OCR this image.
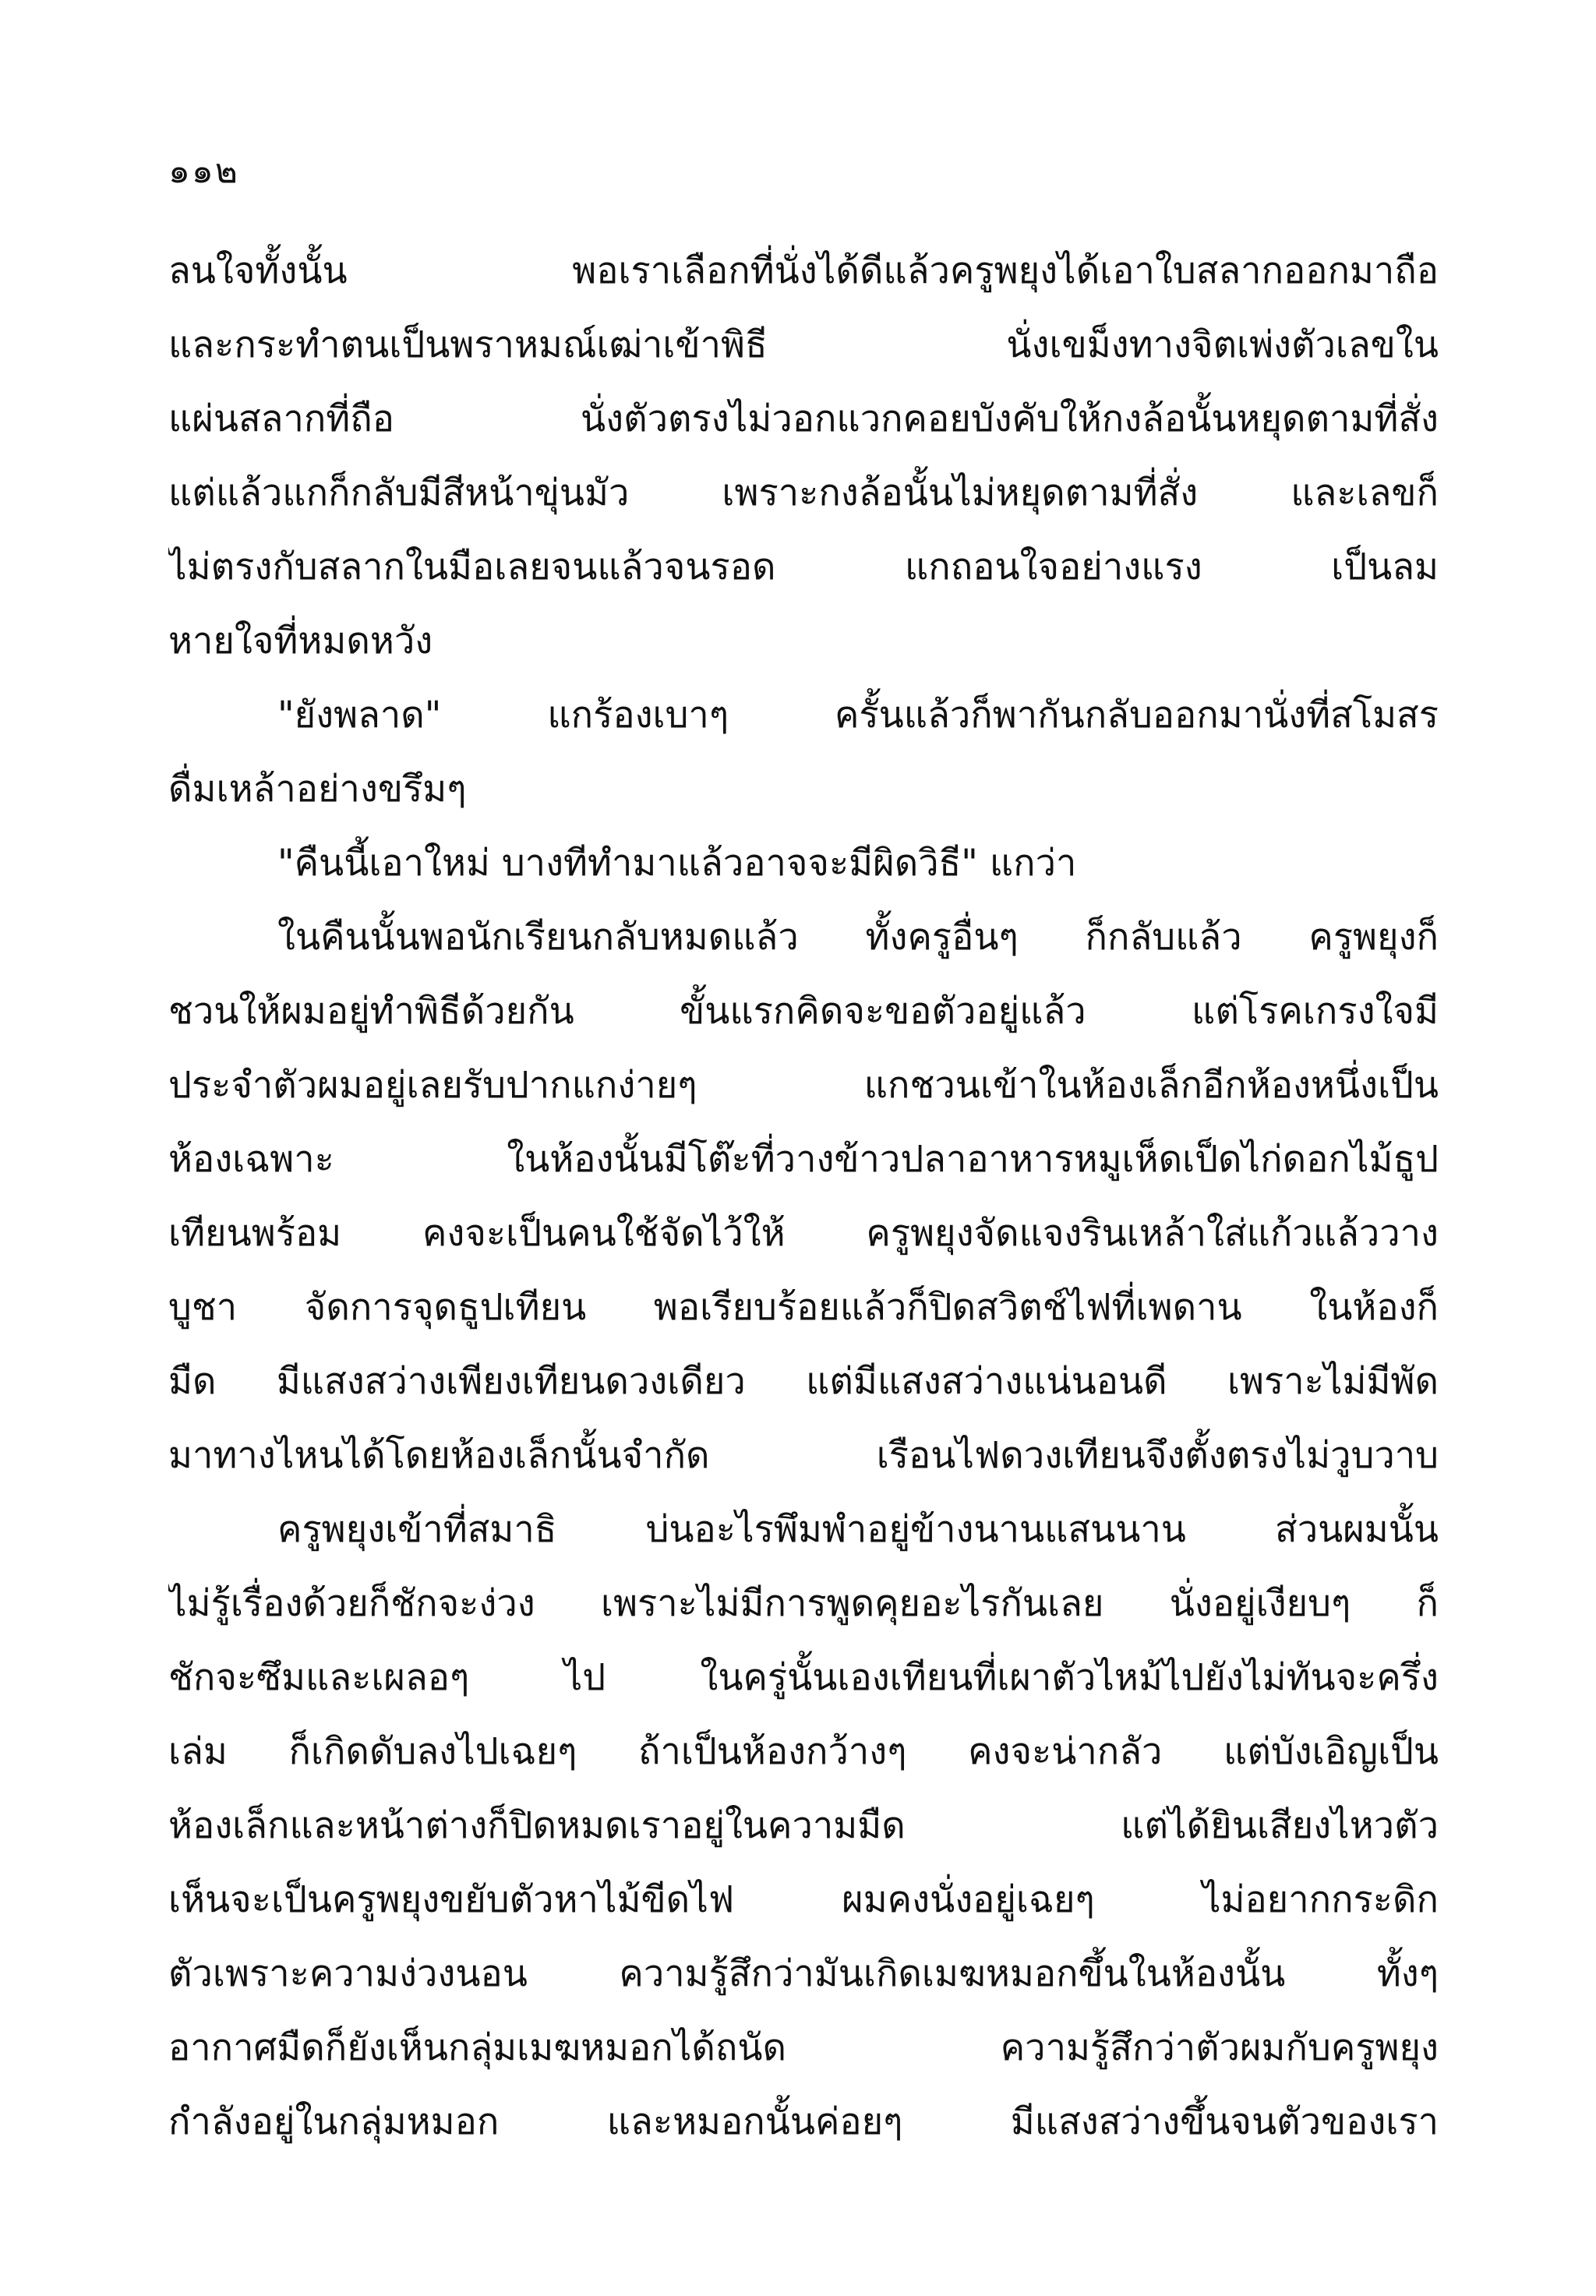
๑๑๒
ลนใจทั้งนั้น พอเราเลือกที่นั่งได้ดีแล้วครูพยุงได้เอาใบสลากออกมาถือ
และกระทำตนเป็นพราหมณ์เฒ่าเข้าพิธี นั่งเขม็งทางจิตเพ่งตัวเลขใน
แผ่นสลากที่ถือ นั่งตัวตรงไม่วอกแวกคอยบังคับให้กงล้อนั้นหยุดตามที่สั่ง
แต่แล้วแกก็กลับมีสีหน้าขุ่นมัว เพราะกงล้อนั้นไม่หยุดตามที่สั่ง และเลขก็
ไม่ตรงกับสลากในมือเลยจนแล้วจนรอด แกถอนใจอย่างแรง เป็นลม
หายใจที่หมดหวัง
"ยังพลาด" แกร้องเบาๆ ครั้นแล้วก็พากันกลับออกมานั่งที่สโมสร
ดื่มเหล้าอย่างขรึมๆ
"คืนนี้เอาใหม่ บางทีทำมาแล้วอาจจะมีผิดวิธี" แกว่า
ในคืนนั้นพอนักเรียนกลับหมดแล้ว ทั้งครูอื่นๆ ก็กลับแล้ว ครูพยุงก็
ชวนให้ผมอยู่ทำพิธีด้วยกัน ขั้นแรกคิดจะขอตัวอยู่แล้ว แต่โรคเกรงใจมี
ประจำตัวผมอยู่เลยรับปากแกง่ายๆ แกชวนเข้าในห้องเล็กอีกห้องหนึ่งเป็น
ห้องเฉพาะ ในห้องนั้นมีโต๊ะที่วางข้าวปลาอาหารหมูเห็ดเป็ดไก่ดอกไม้ธูป
เทียนพร้อม คงจะเป็นคนใช้จัดไว้ให้ ครูพยุงจัดแจงรินเหล้าใส่แก้วแล้ววาง
บูชา จัดการจุดธูปเทียน พอเรียบร้อยแล้วก็ปิดสวิตช์ไฟที่เพดาน ในห้องก็
มืด มีแสงสว่างเพียงเทียนดวงเดียว แต่มีแสงสว่างแน่นอนดี เพราะไม่มีพัด
มาทางไหนได้โดยห้องเล็กนั้นจำกัด เรือนไฟดวงเทียนจึงตั้งตรงไม่วูบวาบ
ครูพยุงเข้าที่สมาธิ บ่นอะไรพึมพำอยู่ข้างนานแสนนาน ส่วนผมนั้น
ไม่รู้เรื่องด้วยก็ชักจะง่วง เพราะไม่มีการพูดคุยอะไรกันเลย นั่งอยู่เงียบๆ ก็
ชักจะซึมและเผลอๆ ไป ในครู่นั้นเองเทียนที่เผาตัวไหม้ไปยังไม่ทันจะครึ่ง
เล่ม ก็เกิดดับลงไปเฉยๆ ถ้าเป็นห้องกว้างๆ คงจะน่ากลัว แต่บังเอิญเป็น
ห้องเล็กและหน้าต่างก็ปิดหมดเราอยู่ในความมืด แต่ได้ยินเสียงไหวตัว
เห็นจะเป็นครูพยุงขยับตัวหาไม้ขีดไฟ ผมคงนั่งอยู่เฉยๆ ไม่อยากกระดิก
ตัวเพราะความง่วงนอน ความรู้สึกว่ามันเกิดเมฆหมอกขึ้นในห้องนั้น ทั้งๆ
อากาศมืดก็ยังเห็นกลุ่มเมฆหมอกได้ถนัด ความรู้สึกว่าตัวผมกับครูพยุง
กำลังอยู่ในกลุ่มหมอก และหมอกนั้นค่อยๆ มีแสงสว่างขึ้นจนตัวของเรา
